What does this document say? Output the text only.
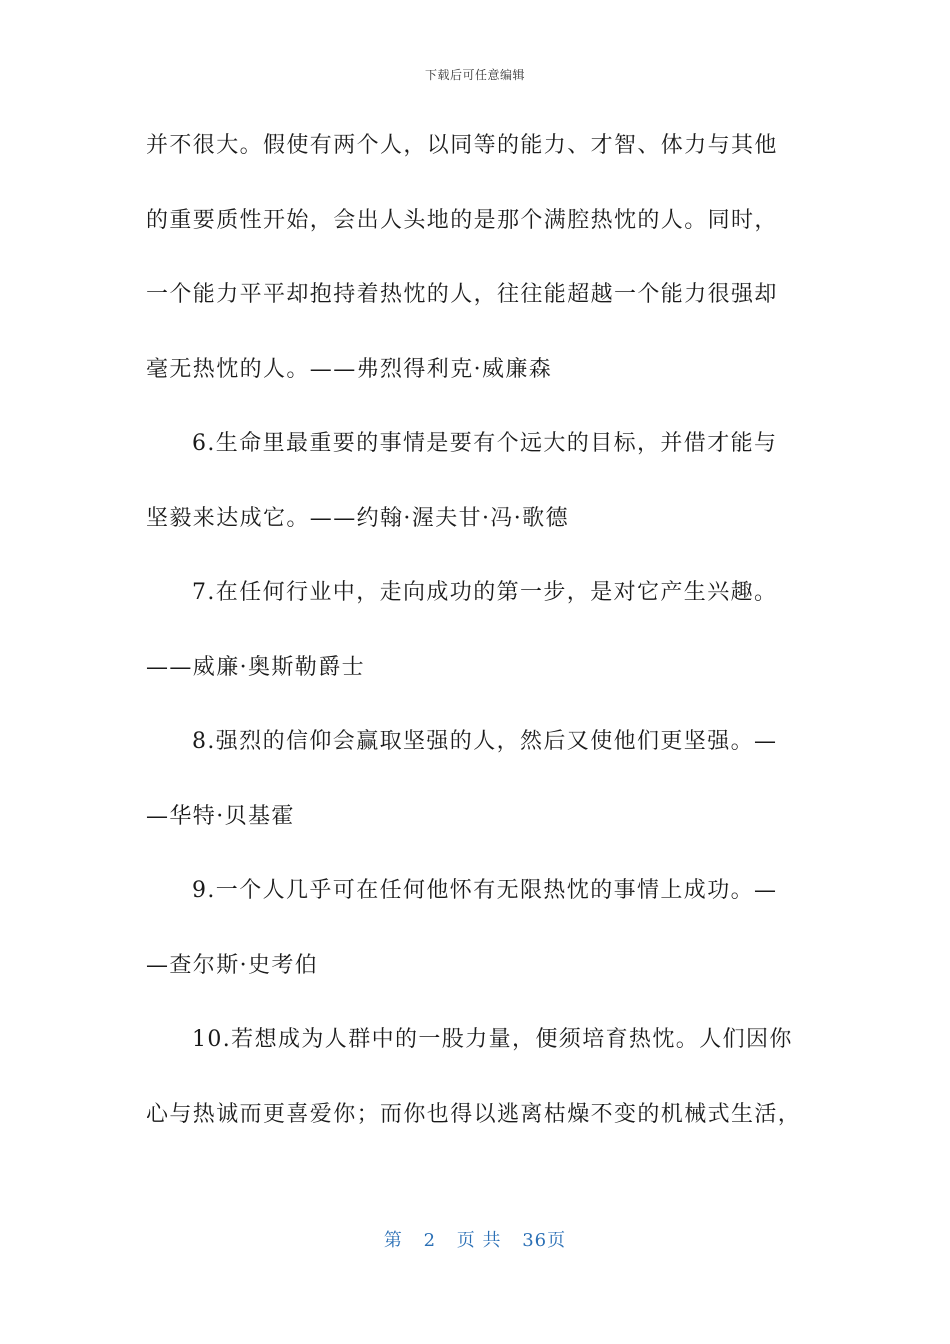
下载后可任意编辑
并不很大。假使有两个人，以同等的能力、才智、体力与其他
的重要质性开始，会出人头地的是那个满腔热忱的人。同时，
一个能力平平却抱持着热忱的人，往往能超越一个能力很强却
毫无热忱的人。——弗烈得利克·威廉森
6.生命里最重要的事情是要有个远大的目标，并借才能与
坚毅来达成它。——约翰·渥夫甘·冯·歌德
7.在任何行业中，走向成功的第一步，是对它产生兴趣。
——威廉·奥斯勒爵士
8.强烈的信仰会赢取坚强的人，然后又使他们更坚强。—
—华特·贝基霍
9.一个人几乎可在任何他怀有无限热忱的事情上成功。—
—查尔斯·史考伯
10.若想成为人群中的一股力量，便须培育热忱。人们因你
心与热诚而更喜爱你；而你也得以逃离枯燥不变的机械式生活，
第 2 页 共 36页
